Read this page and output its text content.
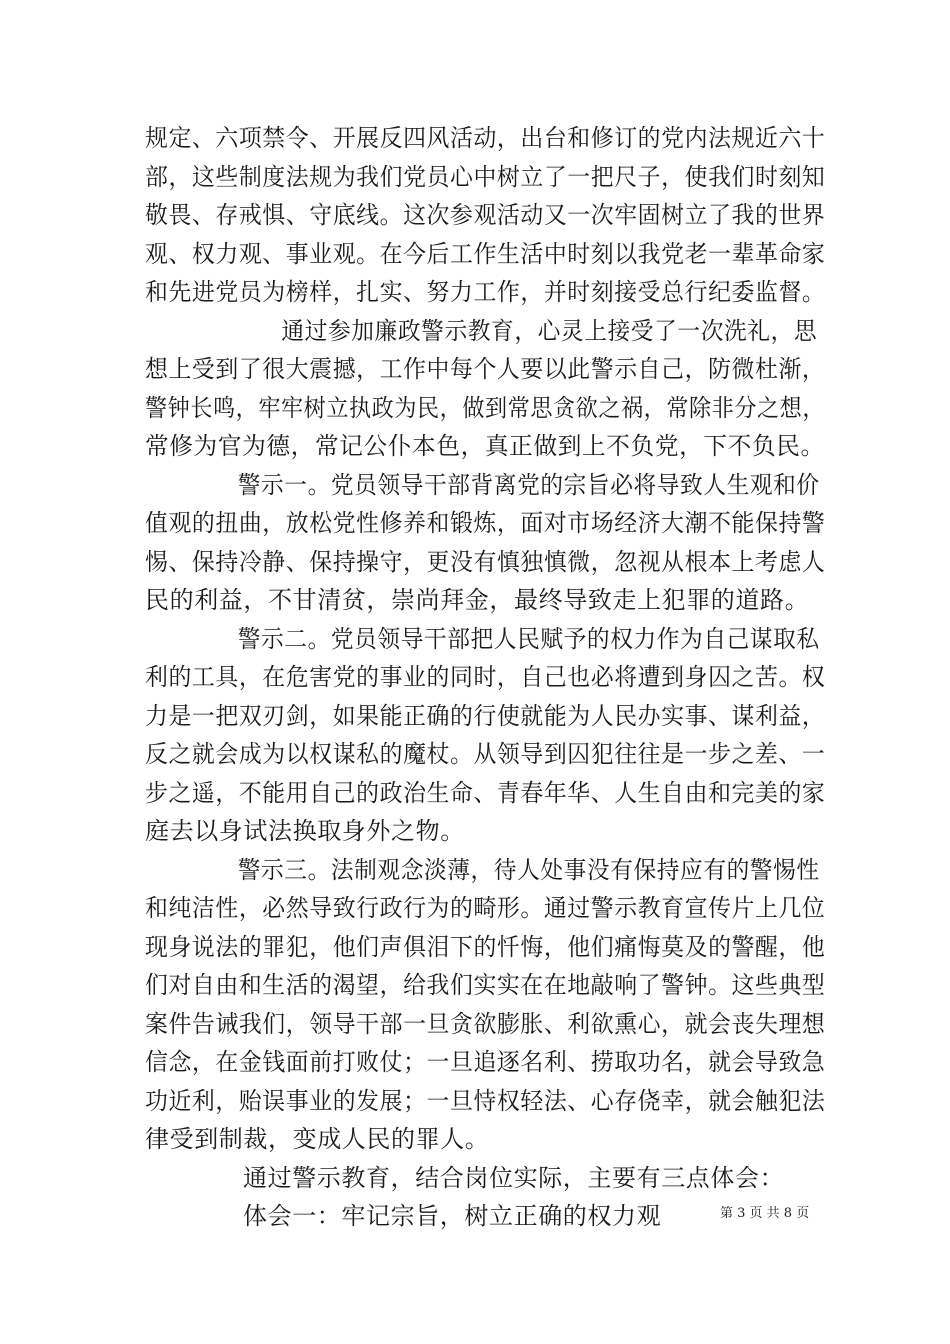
规定、六项禁令、开展反四风活动，出台和修订的党内法规近六十
部，这些制度法规为我们党员心中树立了一把尺子，使我们时刻知
敬畏、存戒惧、守底线。这次参观活动又一次牢固树立了我的世界
观、权力观、事业观。在今后工作生活中时刻以我党老一辈革命家
和先进党员为榜样，扎实、努力工作，并时刻接受总行纪委监督。
通过参加廉政警示教育，心灵上接受了一次洗礼，思
想上受到了很大震撼，工作中每个人要以此警示自己，防微杜渐，
警钟长鸣，牢牢树立执政为民，做到常思贪欲之祸，常除非分之想，
常修为官为德，常记公仆本色，真正做到上不负党，下不负民。
警示一。党员领导干部背离党的宗旨必将导致人生观和价
值观的扭曲，放松党性修养和锻炼，面对市场经济大潮不能保持警
惕、保持冷静、保持操守，更没有慎独慎微，忽视从根本上考虑人
民的利益，不甘清贫，崇尚拜金，最终导致走上犯罪的道路。
警示二。党员领导干部把人民赋予的权力作为自己谋取私
利的工具，在危害党的事业的同时，自己也必将遭到身囚之苦。权
力是一把双刃剑，如果能正确的行使就能为人民办实事、谋利益，
反之就会成为以权谋私的魔杖。从领导到囚犯往往是一步之差、一
步之遥，不能用自己的政治生命、青春年华、人生自由和完美的家
庭去以身试法换取身外之物。
警示三。法制观念淡薄，待人处事没有保持应有的警惕性
和纯洁性，必然导致行政行为的畸形。通过警示教育宣传片上几位
现身说法的罪犯，他们声俱泪下的忏悔，他们痛悔莫及的警醒，他
们对自由和生活的渴望，给我们实实在在地敲响了警钟。这些典型
案件告诫我们，领导干部一旦贪欲膨胀、利欲熏心，就会丧失理想
信念，在金钱面前打败仗；一旦追逐名利、捞取功名，就会导致急
功近利，贻误事业的发展；一旦恃权轻法、心存侥幸，就会触犯法
律受到制裁，变成人民的罪人。
通过警示教育，结合岗位实际，主要有三点体会：
体会一：牢记宗旨，树立正确的权力观	第 3 页 共 8 页
